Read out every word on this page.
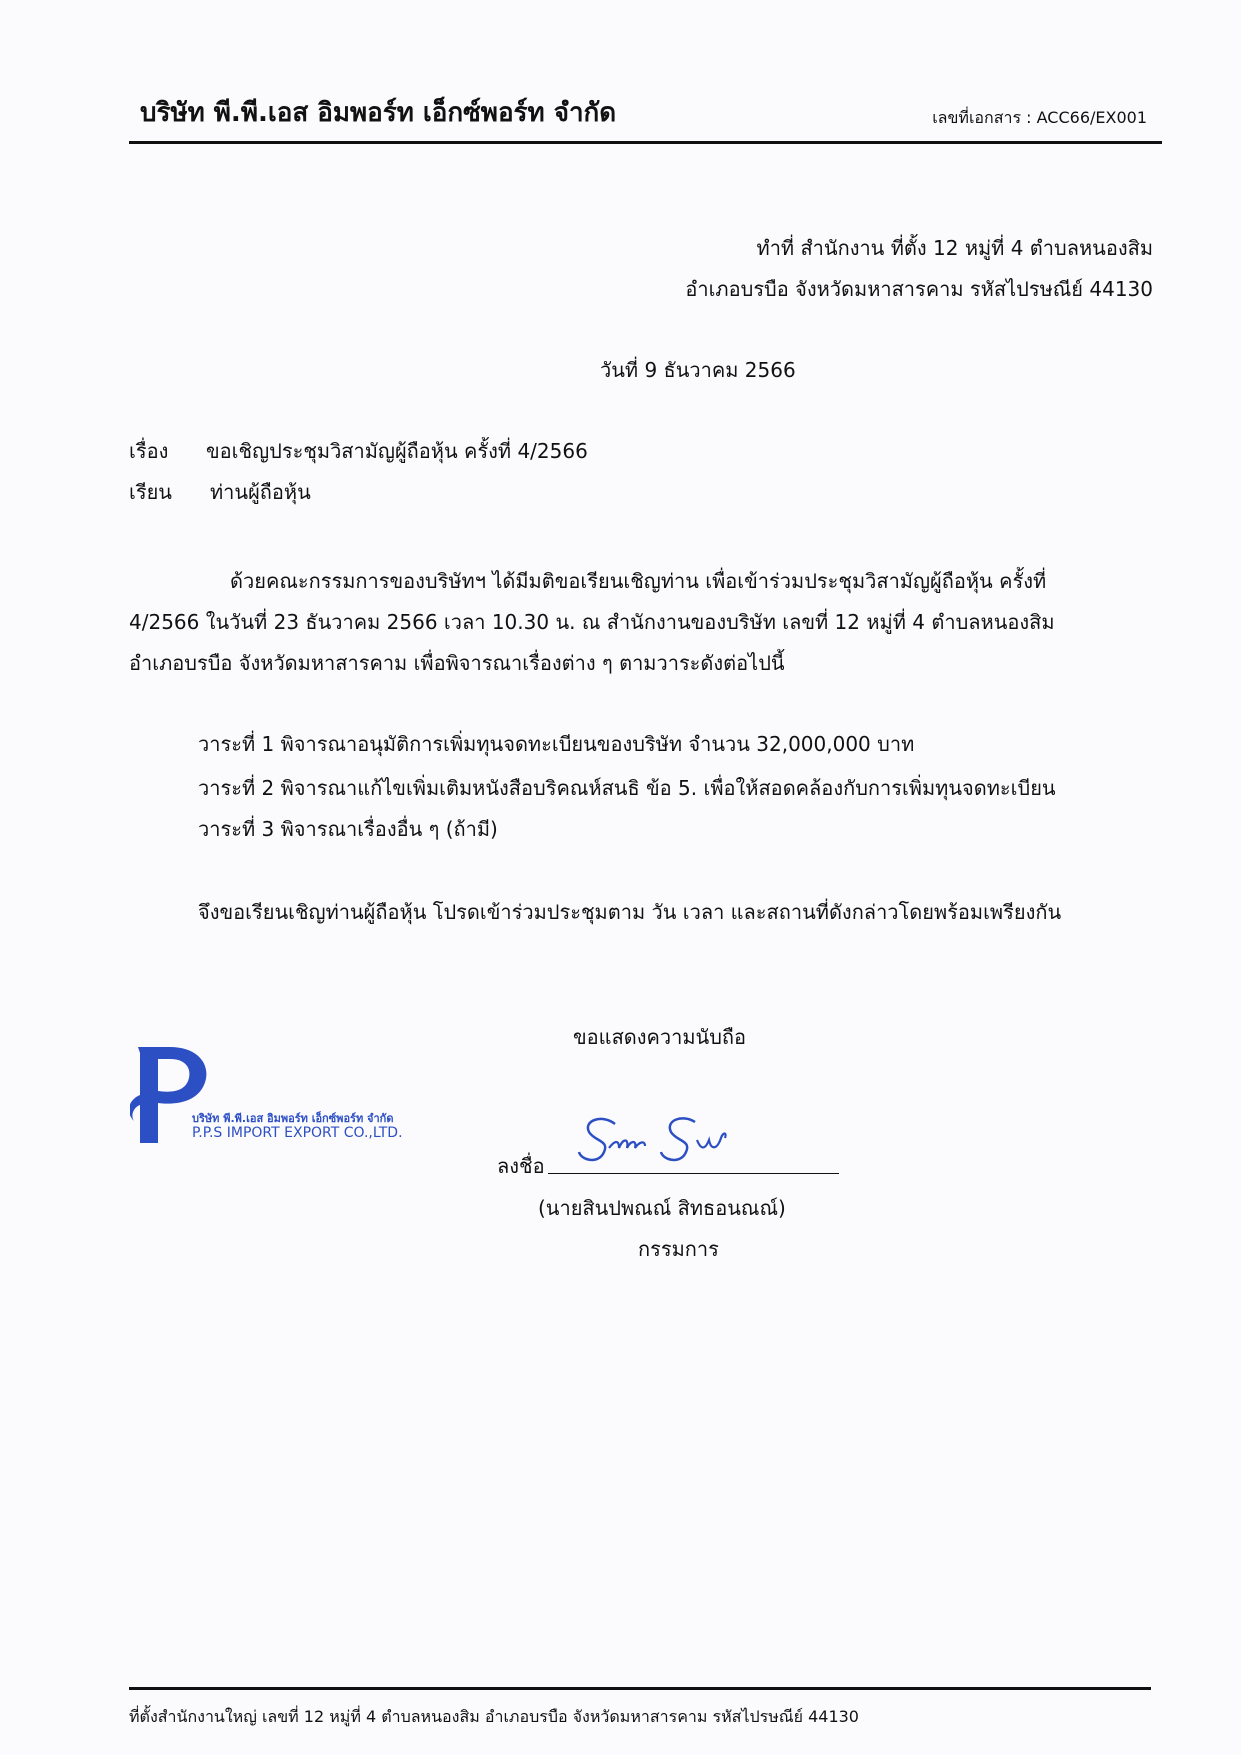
บริษัท พี.พี.เอส อิมพอร์ท เอ็กซ์พอร์ท จำกัด	เลขที่เอกสาร : ACC66/EX001
ทำที่ สำนักงาน ที่ตั้ง 12 หมู่ที่ 4 ตำบลหนองสิม
อำเภอบรบือ จังหวัดมหาสารคาม รหัสไปรษณีย์ 44130
วันที่ 9 ธันวาคม 2566
เรื่อง ขอเชิญประชุมวิสามัญผู้ถือหุ้น ครั้งที่ 4/2566
เรียน ท่านผู้ถือหุ้น
ด้วยคณะกรรมการของบริษัทฯ ได้มีมติขอเรียนเชิญท่าน เพื่อเข้าร่วมประชุมวิสามัญผู้ถือหุ้น ครั้งที่
4/2566 ในวันที่ 23 ธันวาคม 2566 เวลา 10.30 น. ณ สำนักงานของบริษัท เลขที่ 12 หมู่ที่ 4 ตำบลหนองสิม
อำเภอบรบือ จังหวัดมหาสารคาม เพื่อพิจารณาเรื่องต่าง ๆ ตามวาระดังต่อไปนี้
วาระที่ 1 พิจารณาอนุมัติการเพิ่มทุนจดทะเบียนของบริษัท จำนวน 32,000,000 บาท
วาระที่ 2 พิจารณาแก้ไขเพิ่มเติมหนังสือบริคณห์สนธิ ข้อ 5. เพื่อให้สอดคล้องกับการเพิ่มทุนจดทะเบียน
วาระที่ 3 พิจารณาเรื่องอื่น ๆ (ถ้ามี)
จึงขอเรียนเชิญท่านผู้ถือหุ้น โปรดเข้าร่วมประชุมตาม วัน เวลา และสถานที่ดังกล่าวโดยพร้อมเพรียงกัน
ขอแสดงความนับถือ
บริษัท พี.พี.เอส อิมพอร์ท เอ็กซ์พอร์ท จำกัด
P.P.S IMPORT EXPORT CO.,LTD.
ลงชื่อ
(นายสินปพณณ์ สิทธอนณณ์)
กรรมการ
ที่ตั้งสำนักงานใหญ่ เลขที่ 12 หมู่ที่ 4 ตำบลหนองสิม อำเภอบรบือ จังหวัดมหาสารคาม รหัสไปรษณีย์ 44130
